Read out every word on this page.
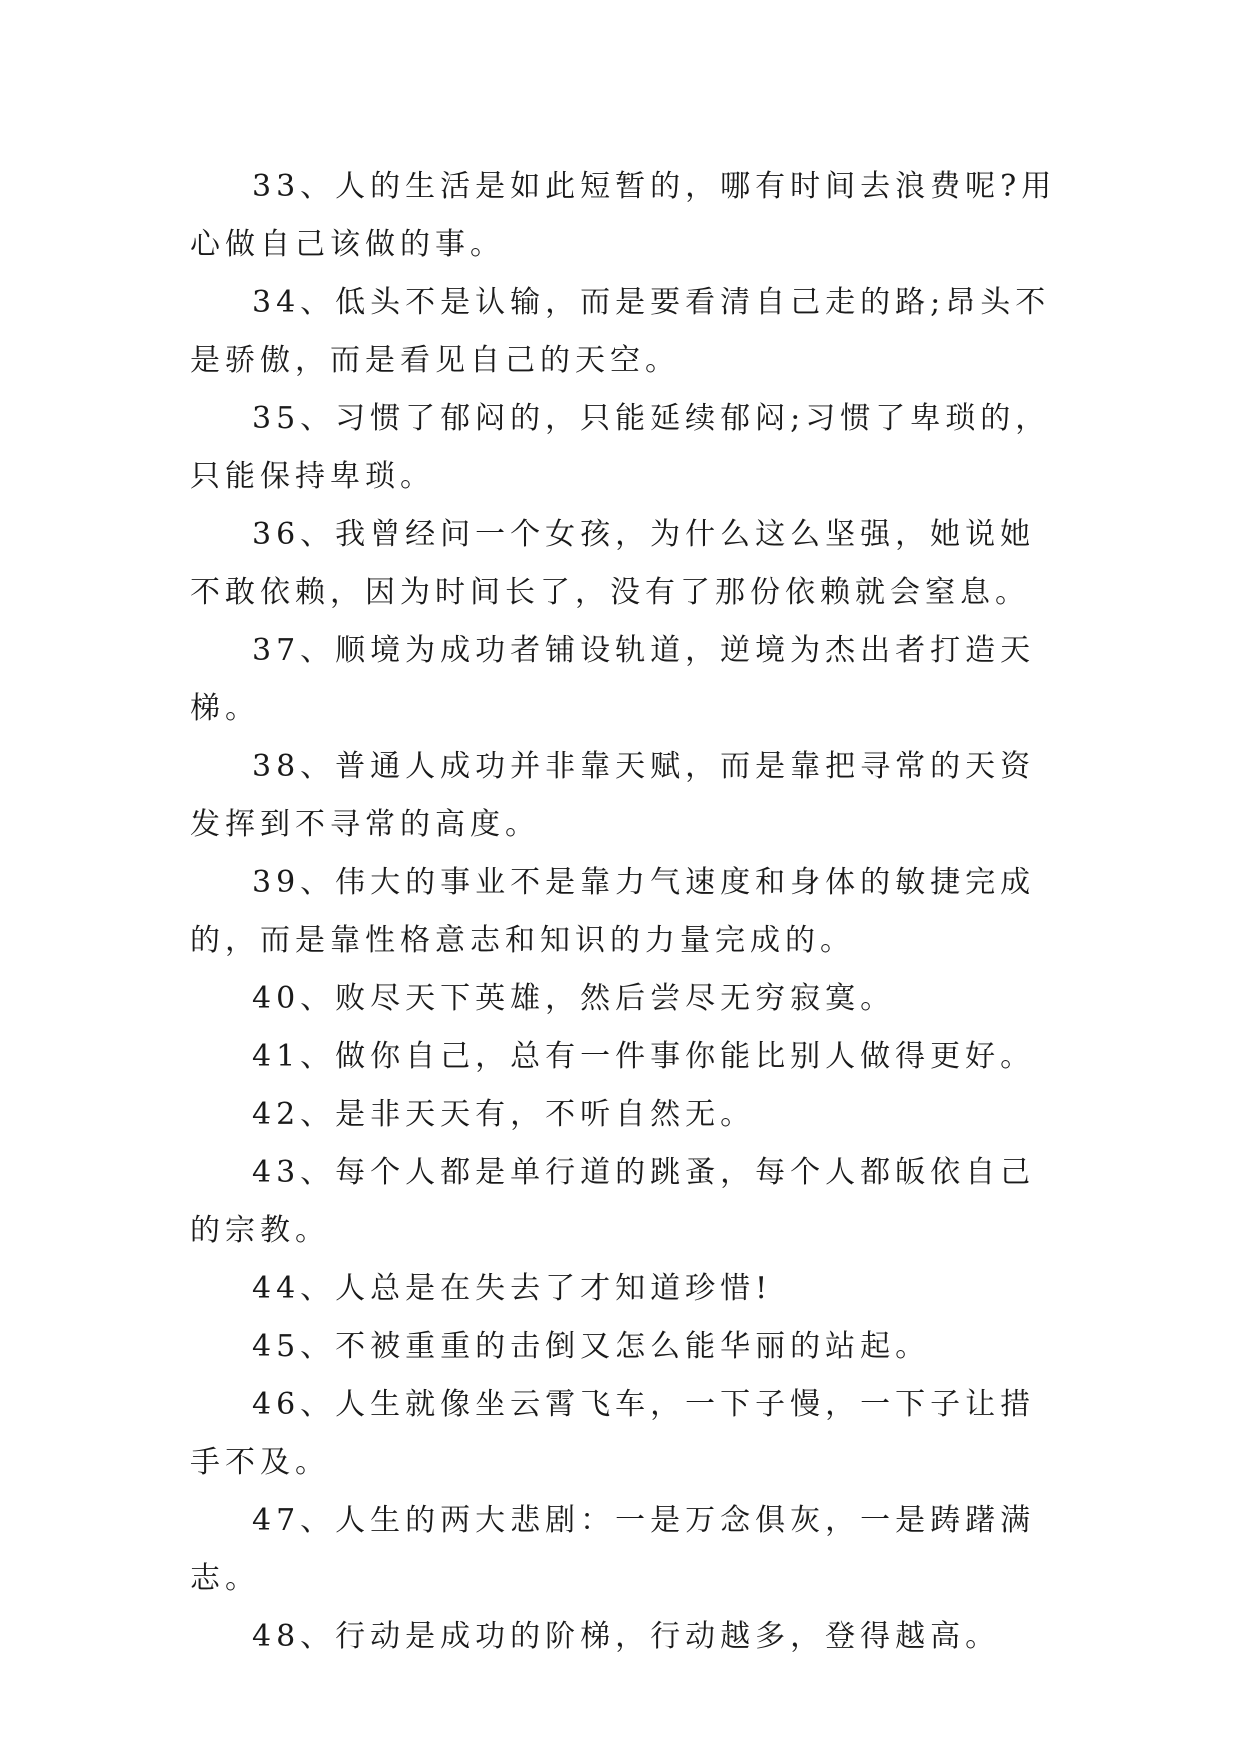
33、人的生活是如此短暂的，哪有时间去浪费呢?用心做自己该做的事。

34、低头不是认输，而是要看清自己走的路;昂头不是骄傲，而是看见自己的天空。

35、习惯了郁闷的，只能延续郁闷;习惯了卑琐的，只能保持卑琐。

36、我曾经问一个女孩，为什么这么坚强，她说她不敢依赖，因为时间长了，没有了那份依赖就会窒息。

37、顺境为成功者铺设轨道，逆境为杰出者打造天梯。

38、普通人成功并非靠天赋，而是靠把寻常的天资发挥到不寻常的高度。

39、伟大的事业不是靠力气速度和身体的敏捷完成的，而是靠性格意志和知识的力量完成的。

40、败尽天下英雄，然后尝尽无穷寂寞。

41、做你自己，总有一件事你能比别人做得更好。

42、是非天天有，不听自然无。

43、每个人都是单行道的跳蚤，每个人都皈依自己的宗教。

44、人总是在失去了才知道珍惜!

45、不被重重的击倒又怎么能华丽的站起。

46、人生就像坐云霄飞车，一下子慢，一下子让措手不及。

47、人生的两大悲剧：一是万念俱灰，一是踌躇满志。

48、行动是成功的阶梯，行动越多，登得越高。
